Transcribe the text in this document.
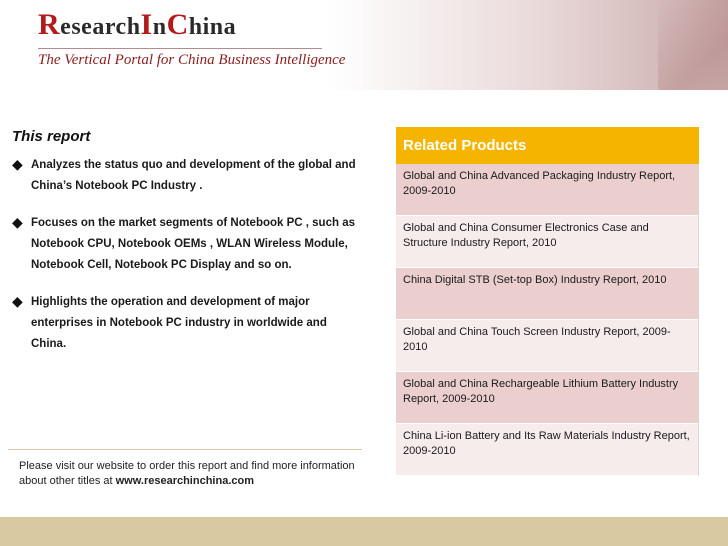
ResearchInChina
The Vertical Portal for China Business Intelligence
This report
◆ Analyzes the status quo and development of the global and China’s Notebook PC Industry .
◆ Focuses on the market segments of Notebook PC , such as Notebook CPU, Notebook OEMs , WLAN Wireless Module, Notebook Cell, Notebook PC Display and so on.
◆ Highlights the operation and development of major enterprises in Notebook PC industry in worldwide and China.
Please visit our website to order this report and find more information about other titles at www.researchinchina.com
Related Products
Global and China Advanced Packaging Industry Report, 2009-2010
Global and China Consumer Electronics Case and Structure Industry Report, 2010
China Digital STB (Set-top Box) Industry Report, 2010
Global and China Touch Screen Industry Report, 2009-2010
Global and China Rechargeable Lithium Battery Industry Report, 2009-2010
China Li-ion Battery and Its Raw Materials Industry Report, 2009-2010
